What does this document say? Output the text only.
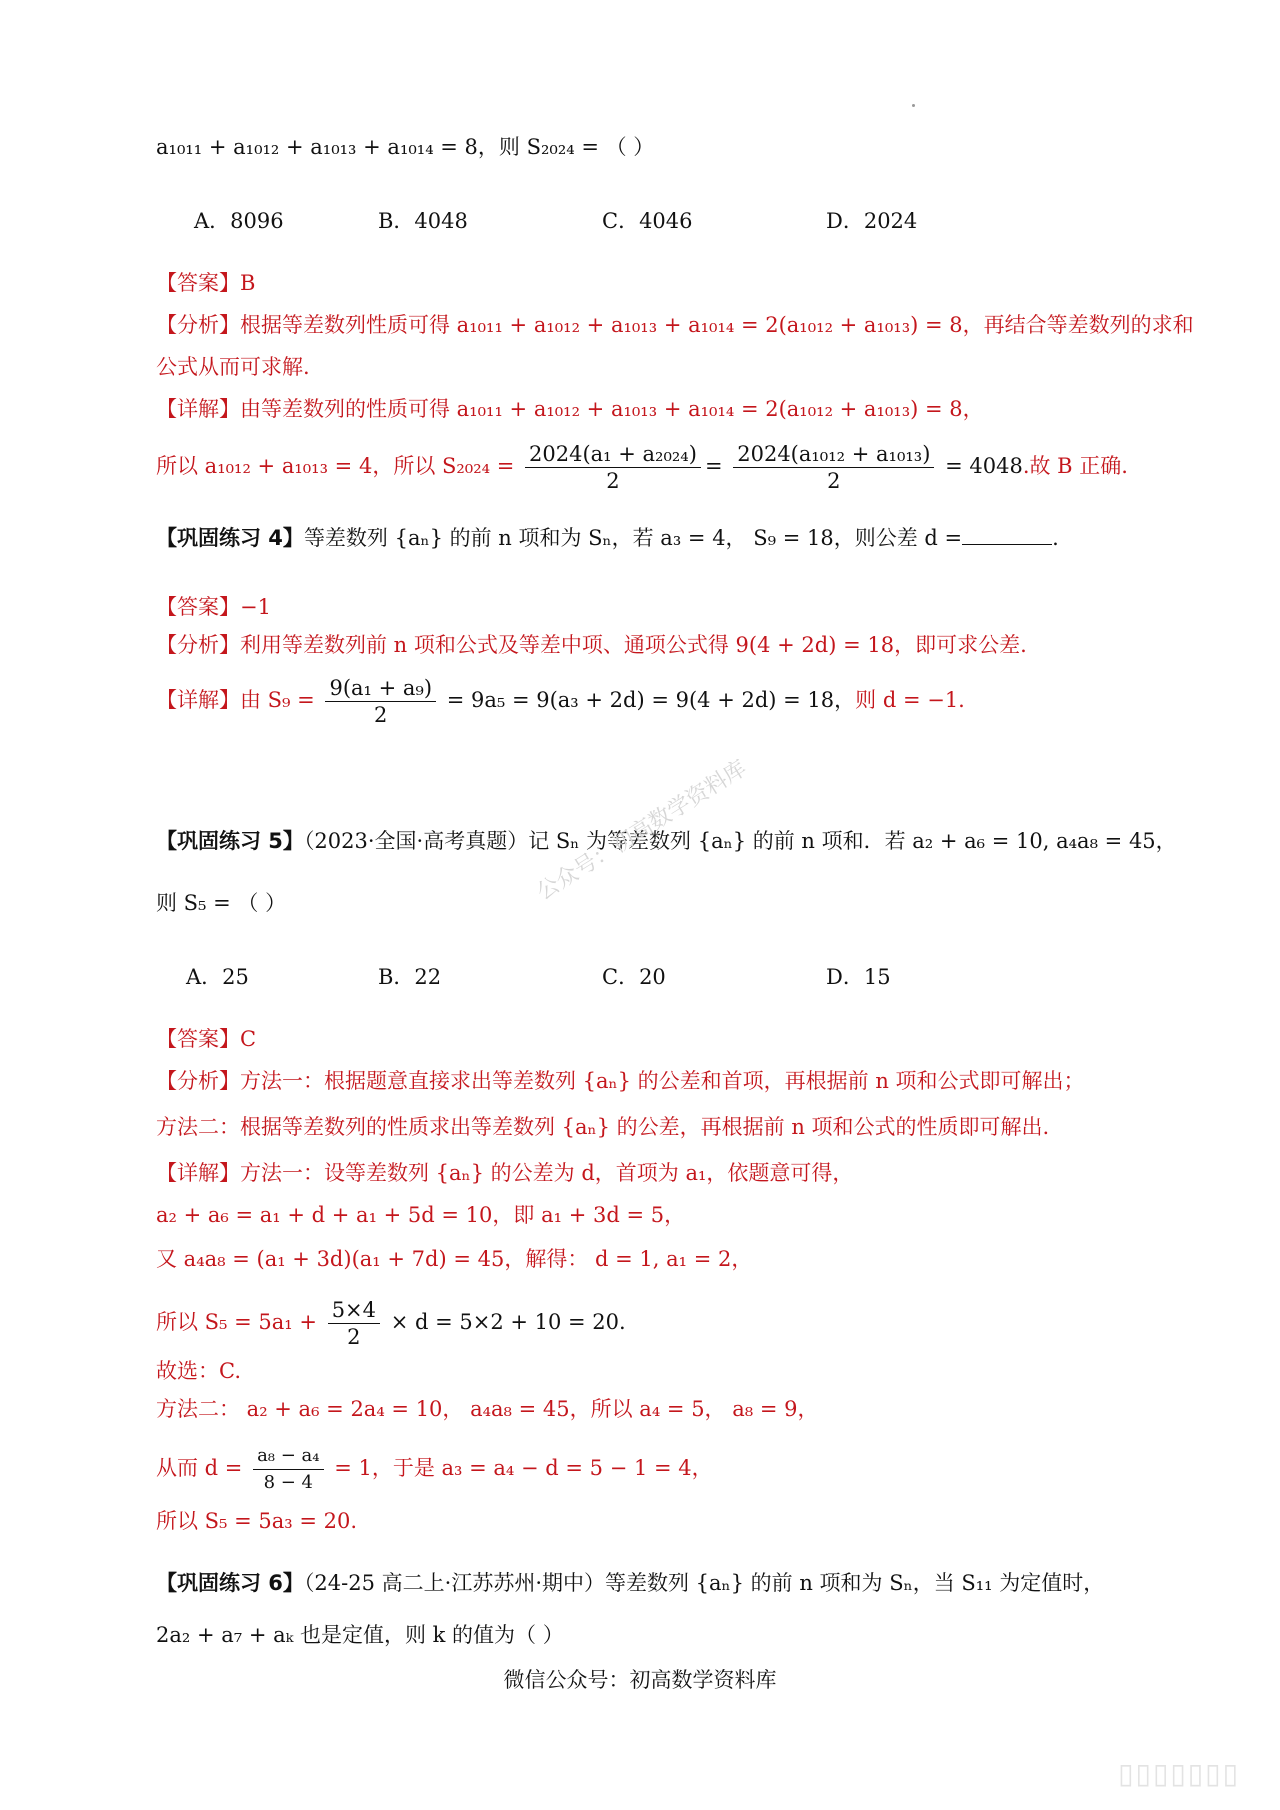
a₁₀₁₁ + a₁₀₁₂ + a₁₀₁₃ + a₁₀₁₄ = 8，则 S₂₀₂₄ = （ ）
A．8096	B．4048	C．4046	D．2024
【答案】B
【分析】根据等差数列性质可得 a₁₀₁₁ + a₁₀₁₂ + a₁₀₁₃ + a₁₀₁₄ = 2(a₁₀₁₂ + a₁₀₁₃) = 8，再结合等差数列的求和
公式从而可求解.
【详解】由等差数列的性质可得 a₁₀₁₁ + a₁₀₁₂ + a₁₀₁₃ + a₁₀₁₄ = 2(a₁₀₁₂ + a₁₀₁₃) = 8，
所以 a₁₀₁₂ + a₁₀₁₃ = 4，所以 $S_{2024} = \frac{\text{2024(a₁ + a₂₀₂₄)}}{2} = \frac{\text{2024(a₁₀₁₂ + a₁₀₁₃)}}{2} = 4048$.故 B 正确.
【巩固练习 4】等差数列 {aₙ} 的前 n 项和为 Sₙ，若 a₃ = 4， S₉ = 18，则公差 d =	.
【答案】−1
【分析】利用等差数列前 n 项和公式及等差中项、通项公式得 9(4 + 2d) = 18，即可求公差.
【详解】由 $S_9 = \frac{\text{9(a₁ + a₉)}}{2} = 9a_5 = 9(a_3 + 2d) = 9(4 + 2d) = 18$，则 d = −1.
【巩固练习 5】（2023·全国·高考真题）记 Sₙ 为等差数列 {aₙ} 的前 n 项和．若 a₂ + a₆ = 10, a₄a₈ = 45，
则 S₅ = （ ）	公众号：初高数学资料库
A．25	B．22	C．20	D．15
【答案】C
【分析】方法一：根据题意直接求出等差数列 {aₙ} 的公差和首项，再根据前 n 项和公式即可解出；
方法二：根据等差数列的性质求出等差数列 {aₙ} 的公差，再根据前 n 项和公式的性质即可解出.
【详解】方法一：设等差数列 {aₙ} 的公差为 d，首项为 a₁，依题意可得，
a₂ + a₆ = a₁ + d + a₁ + 5d = 10，即 a₁ + 3d = 5，
又 a₄a₈ = (a₁ + 3d)(a₁ + 7d) = 45，解得： d = 1, a₁ = 2，
所以 $S_5 = 5a_1 + \frac{5\times 4}{2} \times d = 5\times 2 + 10 = 20$.
故选：C.
方法二： a₂ + a₆ = 2a₄ = 10， a₄a₈ = 45，所以 a₄ = 5， a₈ = 9，
从而 $d = \frac{\text{a₈ − a₄}}{8 - 4} = 1$，于是 a₃ = a₄ − d = 5 − 1 = 4，
所以 S₅ = 5a₃ = 20.
【巩固练习 6】（24-25 高二上·江苏苏州·期中）等差数列 {aₙ} 的前 n 项和为 Sₙ，当 S₁₁ 为定值时，
2a₂ + a₇ + aₖ 也是定值，则 k 的值为（ ）
微信公众号：初高数学资料库
▯▯▯▯▯▯▯
